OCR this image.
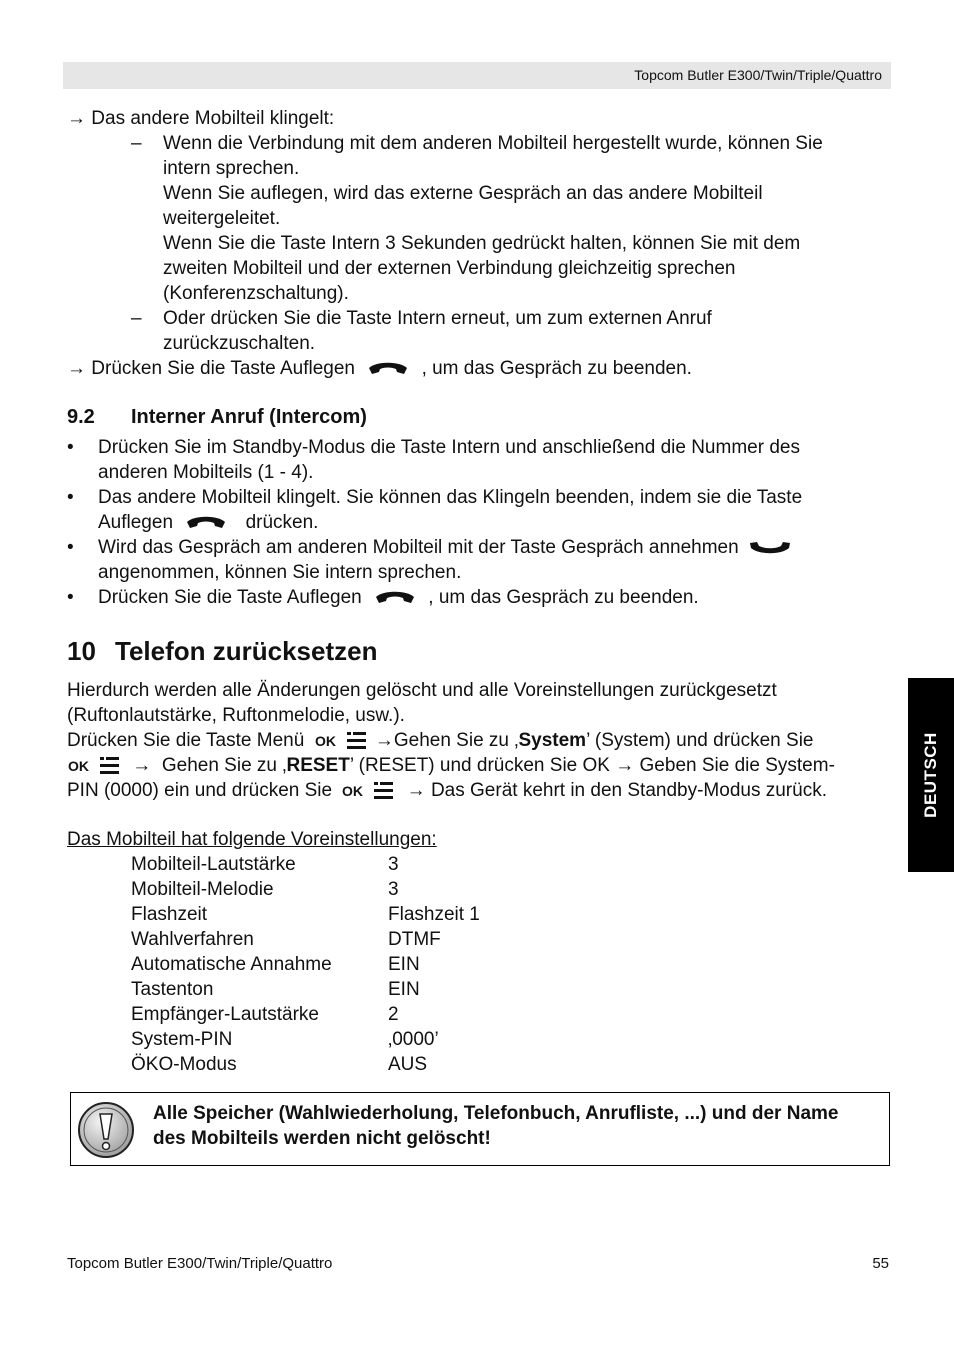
Topcom Butler E300/Twin/Triple/Quattro
DEUTSCH
→ Das andere Mobilteil klingelt:
– Wenn die Verbindung mit dem anderen Mobilteil hergestellt wurde, können Sie
intern sprechen.
Wenn Sie auflegen, wird das externe Gespräch an das andere Mobilteil
weitergeleitet.
Wenn Sie die Taste Intern 3 Sekunden gedrückt halten, können Sie mit dem
zweiten Mobilteil und der externen Verbindung gleichzeitig sprechen
(Konferenzschaltung).
– Oder drücken Sie die Taste Intern erneut, um zum externen Anruf
zurückzuschalten.
→ Drücken Sie die Taste Auflegen	, um das Gespräch zu beenden.
9.2 Interner Anruf (Intercom)
• Drücken Sie im Standby-Modus die Taste Intern und anschließend die Nummer des
anderen Mobilteils (1 - 4).
• Das andere Mobilteil klingelt. Sie können das Klingeln beenden, indem sie die Taste
Auflegen	drücken.
• Wird das Gespräch am anderen Mobilteil mit der Taste Gespräch annehmen
angenommen, können Sie intern sprechen.
• Drücken Sie die Taste Auflegen	, um das Gespräch zu beenden.
10 Telefon zurücksetzen
Hierdurch werden alle Änderungen gelöscht und alle Voreinstellungen zurückgesetzt
(Ruftonlautstärke, Ruftonmelodie, usw.).
Drücken Sie die Taste Menü	→Gehen Sie zu ‚System’ (System) und drücken Sie
→ Gehen Sie zu ‚RESET’ (RESET) und drücken Sie OK → Geben Sie die System-
PIN (0000) ein und drücken Sie	→ Das Gerät kehrt in den Standby-Modus zurück.
Das Mobilteil hat folgende Voreinstellungen:
Mobilteil-Lautstärke	3
Mobilteil-Melodie	3
Flashzeit	Flashzeit 1
Wahlverfahren	DTMF
Automatische Annahme	EIN
Tastenton	EIN
Empfänger-Lautstärke	2
System-PIN	‚0000’
ÖKO-Modus	AUS
Alle Speicher (Wahlwiederholung, Telefonbuch, Anrufliste, ...) und der Name
des Mobilteils werden nicht gelöscht!
Topcom Butler E300/Twin/Triple/Quattro	55
